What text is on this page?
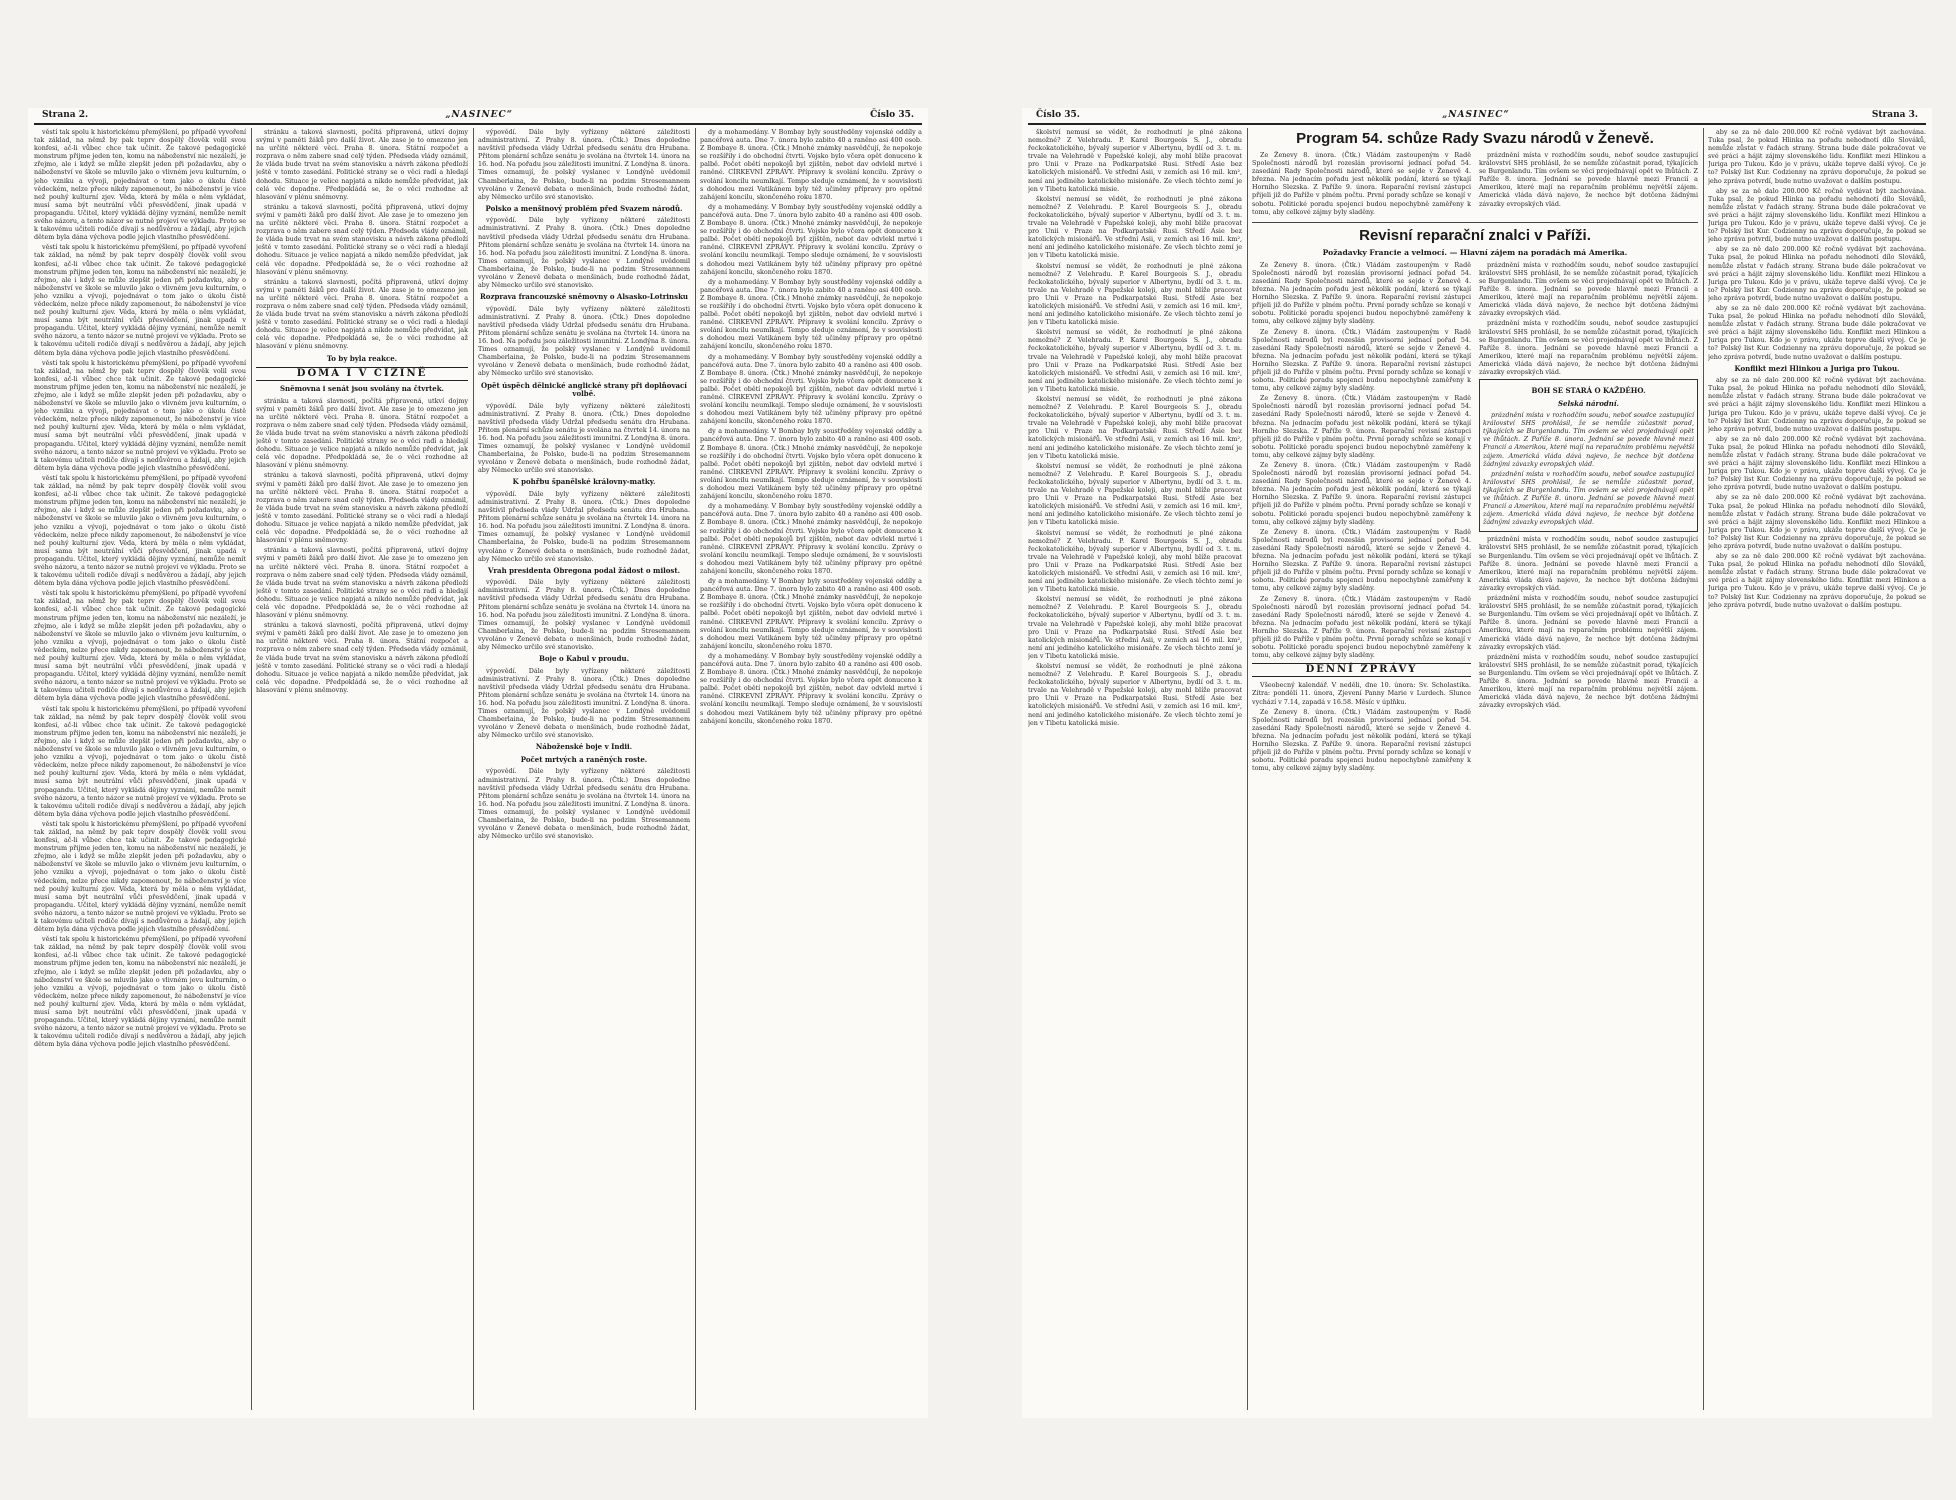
Strana 2.	„NASINEC“	Číslo 35.

věstí tak spolu k historickému přemýšlení, po případě vyvoření tak základ, na němž by pak teprv dospělý člověk volil svou konfesi, ač-li vůbec chce tak učinit. Že takové pedagogické monstrum přijme jeden ten, komu na náboženství nic nezáleží, je zřejmo, ale i když se může zlepšit jeden při požadavku, aby o náboženství ve škole se mluvilo jako o vlivném jevu kulturním, o jeho vzniku a vývoji, pojednávat o tom jako o úkolu čistě vědeckém, nelze přece nikdy zapomenout, že náboženství je více než pouhý kulturní zjev. Věda, která by měla o něm vykládat, musí sama být neutrální vůči přesvědčení, jinak upadá v propagandu. Učitel, který vykládá dějiny vyznání, nemůže nemít svého názoru, a tento názor se nutně projeví ve výkladu. Proto se k takovému učiteli rodiče dívají s nedůvěrou a žádají, aby jejich dětem byla dána výchova podle jejich vlastního přesvědčení.

věstí tak spolu k historickému přemýšlení, po případě vyvoření tak základ, na němž by pak teprv dospělý člověk volil svou konfesi, ač-li vůbec chce tak učinit. Že takové pedagogické monstrum přijme jeden ten, komu na náboženství nic nezáleží, je zřejmo, ale i když se může zlepšit jeden při požadavku, aby o náboženství ve škole se mluvilo jako o vlivném jevu kulturním, o jeho vzniku a vývoji, pojednávat o tom jako o úkolu čistě vědeckém, nelze přece nikdy zapomenout, že náboženství je více než pouhý kulturní zjev. Věda, která by měla o něm vykládat, musí sama být neutrální vůči přesvědčení, jinak upadá v propagandu. Učitel, který vykládá dějiny vyznání, nemůže nemít svého názoru, a tento názor se nutně projeví ve výkladu. Proto se k takovému učiteli rodiče dívají s nedůvěrou a žádají, aby jejich dětem byla dána výchova podle jejich vlastního přesvědčení.

věstí tak spolu k historickému přemýšlení, po případě vyvoření tak základ, na němž by pak teprv dospělý člověk volil svou konfesi, ač-li vůbec chce tak učinit. Že takové pedagogické monstrum přijme jeden ten, komu na náboženství nic nezáleží, je zřejmo, ale i když se může zlepšit jeden při požadavku, aby o náboženství ve škole se mluvilo jako o vlivném jevu kulturním, o jeho vzniku a vývoji, pojednávat o tom jako o úkolu čistě vědeckém, nelze přece nikdy zapomenout, že náboženství je více než pouhý kulturní zjev. Věda, která by měla o něm vykládat, musí sama být neutrální vůči přesvědčení, jinak upadá v propagandu. Učitel, který vykládá dějiny vyznání, nemůže nemít svého názoru, a tento názor se nutně projeví ve výkladu. Proto se k takovému učiteli rodiče dívají s nedůvěrou a žádají, aby jejich dětem byla dána výchova podle jejich vlastního přesvědčení.

věstí tak spolu k historickému přemýšlení, po případě vyvoření tak základ, na němž by pak teprv dospělý člověk volil svou konfesi, ač-li vůbec chce tak učinit. Že takové pedagogické monstrum přijme jeden ten, komu na náboženství nic nezáleží, je zřejmo, ale i když se může zlepšit jeden při požadavku, aby o náboženství ve škole se mluvilo jako o vlivném jevu kulturním, o jeho vzniku a vývoji, pojednávat o tom jako o úkolu čistě vědeckém, nelze přece nikdy zapomenout, že náboženství je více než pouhý kulturní zjev. Věda, která by měla o něm vykládat, musí sama být neutrální vůči přesvědčení, jinak upadá v propagandu. Učitel, který vykládá dějiny vyznání, nemůže nemít svého názoru, a tento názor se nutně projeví ve výkladu. Proto se k takovému učiteli rodiče dívají s nedůvěrou a žádají, aby jejich dětem byla dána výchova podle jejich vlastního přesvědčení.

věstí tak spolu k historickému přemýšlení, po případě vyvoření tak základ, na němž by pak teprv dospělý člověk volil svou konfesi, ač-li vůbec chce tak učinit. Že takové pedagogické monstrum přijme jeden ten, komu na náboženství nic nezáleží, je zřejmo, ale i když se může zlepšit jeden při požadavku, aby o náboženství ve škole se mluvilo jako o vlivném jevu kulturním, o jeho vzniku a vývoji, pojednávat o tom jako o úkolu čistě vědeckém, nelze přece nikdy zapomenout, že náboženství je více než pouhý kulturní zjev. Věda, která by měla o něm vykládat, musí sama být neutrální vůči přesvědčení, jinak upadá v propagandu. Učitel, který vykládá dějiny vyznání, nemůže nemít svého názoru, a tento názor se nutně projeví ve výkladu. Proto se k takovému učiteli rodiče dívají s nedůvěrou a žádají, aby jejich dětem byla dána výchova podle jejich vlastního přesvědčení.

věstí tak spolu k historickému přemýšlení, po případě vyvoření tak základ, na němž by pak teprv dospělý člověk volil svou konfesi, ač-li vůbec chce tak učinit. Že takové pedagogické monstrum přijme jeden ten, komu na náboženství nic nezáleží, je zřejmo, ale i když se může zlepšit jeden při požadavku, aby o náboženství ve škole se mluvilo jako o vlivném jevu kulturním, o jeho vzniku a vývoji, pojednávat o tom jako o úkolu čistě vědeckém, nelze přece nikdy zapomenout, že náboženství je více než pouhý kulturní zjev. Věda, která by měla o něm vykládat, musí sama být neutrální vůči přesvědčení, jinak upadá v propagandu. Učitel, který vykládá dějiny vyznání, nemůže nemít svého názoru, a tento názor se nutně projeví ve výkladu. Proto se k takovému učiteli rodiče dívají s nedůvěrou a žádají, aby jejich dětem byla dána výchova podle jejich vlastního přesvědčení.

věstí tak spolu k historickému přemýšlení, po případě vyvoření tak základ, na němž by pak teprv dospělý člověk volil svou konfesi, ač-li vůbec chce tak učinit. Že takové pedagogické monstrum přijme jeden ten, komu na náboženství nic nezáleží, je zřejmo, ale i když se může zlepšit jeden při požadavku, aby o náboženství ve škole se mluvilo jako o vlivném jevu kulturním, o jeho vzniku a vývoji, pojednávat o tom jako o úkolu čistě vědeckém, nelze přece nikdy zapomenout, že náboženství je více než pouhý kulturní zjev. Věda, která by měla o něm vykládat, musí sama být neutrální vůči přesvědčení, jinak upadá v propagandu. Učitel, který vykládá dějiny vyznání, nemůže nemít svého názoru, a tento názor se nutně projeví ve výkladu. Proto se k takovému učiteli rodiče dívají s nedůvěrou a žádají, aby jejich dětem byla dána výchova podle jejich vlastního přesvědčení.

věstí tak spolu k historickému přemýšlení, po případě vyvoření tak základ, na němž by pak teprv dospělý člověk volil svou konfesi, ač-li vůbec chce tak učinit. Že takové pedagogické monstrum přijme jeden ten, komu na náboženství nic nezáleží, je zřejmo, ale i když se může zlepšit jeden při požadavku, aby o náboženství ve škole se mluvilo jako o vlivném jevu kulturním, o jeho vzniku a vývoji, pojednávat o tom jako o úkolu čistě vědeckém, nelze přece nikdy zapomenout, že náboženství je více než pouhý kulturní zjev. Věda, která by měla o něm vykládat, musí sama být neutrální vůči přesvědčení, jinak upadá v propagandu. Učitel, který vykládá dějiny vyznání, nemůže nemít svého názoru, a tento názor se nutně projeví ve výkladu. Proto se k takovému učiteli rodiče dívají s nedůvěrou a žádají, aby jejich dětem byla dána výchova podle jejich vlastního přesvědčení.

stránku a taková slavnosti, počítá připravená, utkví dojmy svými v paměti žáků pro další život. Ale zase je to omezeno jen na určité některé věci. Praha 8. února. Státní rozpočet a rozprava o něm zabere snad celý týden. Předseda vlády oznámil, že vláda bude trvat na svém stanovisku a návrh zákona předloží ještě v tomto zasedání. Politické strany se o věci radí a hledají dohodu. Situace je velice napjatá a nikdo nemůže předvídat, jak celá věc dopadne. Předpokládá se, že o věci rozhodne až hlasování v plénu sněmovny.

stránku a taková slavnosti, počítá připravená, utkví dojmy svými v paměti žáků pro další život. Ale zase je to omezeno jen na určité některé věci. Praha 8. února. Státní rozpočet a rozprava o něm zabere snad celý týden. Předseda vlády oznámil, že vláda bude trvat na svém stanovisku a návrh zákona předloží ještě v tomto zasedání. Politické strany se o věci radí a hledají dohodu. Situace je velice napjatá a nikdo nemůže předvídat, jak celá věc dopadne. Předpokládá se, že o věci rozhodne až hlasování v plénu sněmovny.

stránku a taková slavnosti, počítá připravená, utkví dojmy svými v paměti žáků pro další život. Ale zase je to omezeno jen na určité některé věci. Praha 8. února. Státní rozpočet a rozprava o něm zabere snad celý týden. Předseda vlády oznámil, že vláda bude trvat na svém stanovisku a návrh zákona předloží ještě v tomto zasedání. Politické strany se o věci radí a hledají dohodu. Situace je velice napjatá a nikdo nemůže předvídat, jak celá věc dopadne. Předpokládá se, že o věci rozhodne až hlasování v plénu sněmovny.

To by byla reakce.
DOMA I V CIZINĚ
Sněmovna i senát jsou svolány na čtvrtek.

stránku a taková slavnosti, počítá připravená, utkví dojmy svými v paměti žáků pro další život. Ale zase je to omezeno jen na určité některé věci. Praha 8. února. Státní rozpočet a rozprava o něm zabere snad celý týden. Předseda vlády oznámil, že vláda bude trvat na svém stanovisku a návrh zákona předloží ještě v tomto zasedání. Politické strany se o věci radí a hledají dohodu. Situace je velice napjatá a nikdo nemůže předvídat, jak celá věc dopadne. Předpokládá se, že o věci rozhodne až hlasování v plénu sněmovny.

stránku a taková slavnosti, počítá připravená, utkví dojmy svými v paměti žáků pro další život. Ale zase je to omezeno jen na určité některé věci. Praha 8. února. Státní rozpočet a rozprava o něm zabere snad celý týden. Předseda vlády oznámil, že vláda bude trvat na svém stanovisku a návrh zákona předloží ještě v tomto zasedání. Politické strany se o věci radí a hledají dohodu. Situace je velice napjatá a nikdo nemůže předvídat, jak celá věc dopadne. Předpokládá se, že o věci rozhodne až hlasování v plénu sněmovny.

stránku a taková slavnosti, počítá připravená, utkví dojmy svými v paměti žáků pro další život. Ale zase je to omezeno jen na určité některé věci. Praha 8. února. Státní rozpočet a rozprava o něm zabere snad celý týden. Předseda vlády oznámil, že vláda bude trvat na svém stanovisku a návrh zákona předloží ještě v tomto zasedání. Politické strany se o věci radí a hledají dohodu. Situace je velice napjatá a nikdo nemůže předvídat, jak celá věc dopadne. Předpokládá se, že o věci rozhodne až hlasování v plénu sněmovny.

stránku a taková slavnosti, počítá připravená, utkví dojmy svými v paměti žáků pro další život. Ale zase je to omezeno jen na určité některé věci. Praha 8. února. Státní rozpočet a rozprava o něm zabere snad celý týden. Předseda vlády oznámil, že vláda bude trvat na svém stanovisku a návrh zákona předloží ještě v tomto zasedání. Politické strany se o věci radí a hledají dohodu. Situace je velice napjatá a nikdo nemůže předvídat, jak celá věc dopadne. Předpokládá se, že o věci rozhodne až hlasování v plénu sněmovny.

výpovědí. Dále byly vyřízeny některé záležitosti administrativní. Z Prahy 8. února. (Čtk.) Dnes dopoledne navštívil předseda vlády Udržal předsedu senátu dra Hrubana. Přitom plenární schůze senátu je svolána na čtvrtek 14. února na 16. hod. Na pořadu jsou záležitosti imunitní. Z Londýna 8. února. Times oznamují, že polský vyslanec v Londýně uvědomil Chamberlaina, že Polsko, bude-li na podzim Stresemannem vyvoláno v Ženevě debata o menšinách, bude rozhodně žádat, aby Německo určilo své stanovisko.

Polsko a menšinový problém před Svazem národů.

výpovědí. Dále byly vyřízeny některé záležitosti administrativní. Z Prahy 8. února. (Čtk.) Dnes dopoledne navštívil předseda vlády Udržal předsedu senátu dra Hrubana. Přitom plenární schůze senátu je svolána na čtvrtek 14. února na 16. hod. Na pořadu jsou záležitosti imunitní. Z Londýna 8. února. Times oznamují, že polský vyslanec v Londýně uvědomil Chamberlaina, že Polsko, bude-li na podzim Stresemannem vyvoláno v Ženevě debata o menšinách, bude rozhodně žádat, aby Německo určilo své stanovisko.

Rozprava francouzské sněmovny o Alsasko-Lotrinsku

výpovědí. Dále byly vyřízeny některé záležitosti administrativní. Z Prahy 8. února. (Čtk.) Dnes dopoledne navštívil předseda vlády Udržal předsedu senátu dra Hrubana. Přitom plenární schůze senátu je svolána na čtvrtek 14. února na 16. hod. Na pořadu jsou záležitosti imunitní. Z Londýna 8. února. Times oznamují, že polský vyslanec v Londýně uvědomil Chamberlaina, že Polsko, bude-li na podzim Stresemannem vyvoláno v Ženevě debata o menšinách, bude rozhodně žádat, aby Německo určilo své stanovisko.

Opět úspěch dělnické anglické strany při doplňovací volbě.

výpovědí. Dále byly vyřízeny některé záležitosti administrativní. Z Prahy 8. února. (Čtk.) Dnes dopoledne navštívil předseda vlády Udržal předsedu senátu dra Hrubana. Přitom plenární schůze senátu je svolána na čtvrtek 14. února na 16. hod. Na pořadu jsou záležitosti imunitní. Z Londýna 8. února. Times oznamují, že polský vyslanec v Londýně uvědomil Chamberlaina, že Polsko, bude-li na podzim Stresemannem vyvoláno v Ženevě debata o menšinách, bude rozhodně žádat, aby Německo určilo své stanovisko.

K pohřbu španělské královny-matky.

výpovědí. Dále byly vyřízeny některé záležitosti administrativní. Z Prahy 8. února. (Čtk.) Dnes dopoledne navštívil předseda vlády Udržal předsedu senátu dra Hrubana. Přitom plenární schůze senátu je svolána na čtvrtek 14. února na 16. hod. Na pořadu jsou záležitosti imunitní. Z Londýna 8. února. Times oznamují, že polský vyslanec v Londýně uvědomil Chamberlaina, že Polsko, bude-li na podzim Stresemannem vyvoláno v Ženevě debata o menšinách, bude rozhodně žádat, aby Německo určilo své stanovisko.

Vrah presidenta Obregona podal žádost o milost.

výpovědí. Dále byly vyřízeny některé záležitosti administrativní. Z Prahy 8. února. (Čtk.) Dnes dopoledne navštívil předseda vlády Udržal předsedu senátu dra Hrubana. Přitom plenární schůze senátu je svolána na čtvrtek 14. února na 16. hod. Na pořadu jsou záležitosti imunitní. Z Londýna 8. února. Times oznamují, že polský vyslanec v Londýně uvědomil Chamberlaina, že Polsko, bude-li na podzim Stresemannem vyvoláno v Ženevě debata o menšinách, bude rozhodně žádat, aby Německo určilo své stanovisko.

Boje o Kabul v proudu.

výpovědí. Dále byly vyřízeny některé záležitosti administrativní. Z Prahy 8. února. (Čtk.) Dnes dopoledne navštívil předseda vlády Udržal předsedu senátu dra Hrubana. Přitom plenární schůze senátu je svolána na čtvrtek 14. února na 16. hod. Na pořadu jsou záležitosti imunitní. Z Londýna 8. února. Times oznamují, že polský vyslanec v Londýně uvědomil Chamberlaina, že Polsko, bude-li na podzim Stresemannem vyvoláno v Ženevě debata o menšinách, bude rozhodně žádat, aby Německo určilo své stanovisko.

Náboženské boje v Indii.
Počet mrtvých a raněných roste.

výpovědí. Dále byly vyřízeny některé záležitosti administrativní. Z Prahy 8. února. (Čtk.) Dnes dopoledne navštívil předseda vlády Udržal předsedu senátu dra Hrubana. Přitom plenární schůze senátu je svolána na čtvrtek 14. února na 16. hod. Na pořadu jsou záležitosti imunitní. Z Londýna 8. února. Times oznamují, že polský vyslanec v Londýně uvědomil Chamberlaina, že Polsko, bude-li na podzim Stresemannem vyvoláno v Ženevě debata o menšinách, bude rozhodně žádat, aby Německo určilo své stanovisko.

dy a mohamedány. V Bombay byly soustředěny vojenské oddíly a pancéřová auta. Dne 7. února bylo zabito 40 a raněno asi 400 osob. Z Bombaye 8. února. (Čtk.) Mnohé známky nasvědčují, že nepokoje se rozšířily i do obchodní čtvrti. Vojsko bylo včera opět donuceno k palbě. Počet obětí nepokojů byl zjištěn, nebot dav odvlekl mrtvé i raněné. CÍRKEVNÍ ZPRÁVY. Přípravy k svolání koncilu. Zprávy o svolání koncilu neumlkají. Tempo sleduje oznámení, že v souvislosti s dohodou mezi Vatikánem byly též učiněny přípravy pro opětné zahájení koncilu, skončeného roku 1870.

dy a mohamedány. V Bombay byly soustředěny vojenské oddíly a pancéřová auta. Dne 7. února bylo zabito 40 a raněno asi 400 osob. Z Bombaye 8. února. (Čtk.) Mnohé známky nasvědčují, že nepokoje se rozšířily i do obchodní čtvrti. Vojsko bylo včera opět donuceno k palbě. Počet obětí nepokojů byl zjištěn, nebot dav odvlekl mrtvé i raněné. CÍRKEVNÍ ZPRÁVY. Přípravy k svolání koncilu. Zprávy o svolání koncilu neumlkají. Tempo sleduje oznámení, že v souvislosti s dohodou mezi Vatikánem byly též učiněny přípravy pro opětné zahájení koncilu, skončeného roku 1870.

dy a mohamedány. V Bombay byly soustředěny vojenské oddíly a pancéřová auta. Dne 7. února bylo zabito 40 a raněno asi 400 osob. Z Bombaye 8. února. (Čtk.) Mnohé známky nasvědčují, že nepokoje se rozšířily i do obchodní čtvrti. Vojsko bylo včera opět donuceno k palbě. Počet obětí nepokojů byl zjištěn, nebot dav odvlekl mrtvé i raněné. CÍRKEVNÍ ZPRÁVY. Přípravy k svolání koncilu. Zprávy o svolání koncilu neumlkají. Tempo sleduje oznámení, že v souvislosti s dohodou mezi Vatikánem byly též učiněny přípravy pro opětné zahájení koncilu, skončeného roku 1870.

dy a mohamedány. V Bombay byly soustředěny vojenské oddíly a pancéřová auta. Dne 7. února bylo zabito 40 a raněno asi 400 osob. Z Bombaye 8. února. (Čtk.) Mnohé známky nasvědčují, že nepokoje se rozšířily i do obchodní čtvrti. Vojsko bylo včera opět donuceno k palbě. Počet obětí nepokojů byl zjištěn, nebot dav odvlekl mrtvé i raněné. CÍRKEVNÍ ZPRÁVY. Přípravy k svolání koncilu. Zprávy o svolání koncilu neumlkají. Tempo sleduje oznámení, že v souvislosti s dohodou mezi Vatikánem byly též učiněny přípravy pro opětné zahájení koncilu, skončeného roku 1870.

dy a mohamedány. V Bombay byly soustředěny vojenské oddíly a pancéřová auta. Dne 7. února bylo zabito 40 a raněno asi 400 osob. Z Bombaye 8. února. (Čtk.) Mnohé známky nasvědčují, že nepokoje se rozšířily i do obchodní čtvrti. Vojsko bylo včera opět donuceno k palbě. Počet obětí nepokojů byl zjištěn, nebot dav odvlekl mrtvé i raněné. CÍRKEVNÍ ZPRÁVY. Přípravy k svolání koncilu. Zprávy o svolání koncilu neumlkají. Tempo sleduje oznámení, že v souvislosti s dohodou mezi Vatikánem byly též učiněny přípravy pro opětné zahájení koncilu, skončeného roku 1870.

dy a mohamedány. V Bombay byly soustředěny vojenské oddíly a pancéřová auta. Dne 7. února bylo zabito 40 a raněno asi 400 osob. Z Bombaye 8. února. (Čtk.) Mnohé známky nasvědčují, že nepokoje se rozšířily i do obchodní čtvrti. Vojsko bylo včera opět donuceno k palbě. Počet obětí nepokojů byl zjištěn, nebot dav odvlekl mrtvé i raněné. CÍRKEVNÍ ZPRÁVY. Přípravy k svolání koncilu. Zprávy o svolání koncilu neumlkají. Tempo sleduje oznámení, že v souvislosti s dohodou mezi Vatikánem byly též učiněny přípravy pro opětné zahájení koncilu, skončeného roku 1870.

dy a mohamedány. V Bombay byly soustředěny vojenské oddíly a pancéřová auta. Dne 7. února bylo zabito 40 a raněno asi 400 osob. Z Bombaye 8. února. (Čtk.) Mnohé známky nasvědčují, že nepokoje se rozšířily i do obchodní čtvrti. Vojsko bylo včera opět donuceno k palbě. Počet obětí nepokojů byl zjištěn, nebot dav odvlekl mrtvé i raněné. CÍRKEVNÍ ZPRÁVY. Přípravy k svolání koncilu. Zprávy o svolání koncilu neumlkají. Tempo sleduje oznámení, že v souvislosti s dohodou mezi Vatikánem byly též učiněny přípravy pro opětné zahájení koncilu, skončeného roku 1870.

dy a mohamedány. V Bombay byly soustředěny vojenské oddíly a pancéřová auta. Dne 7. února bylo zabito 40 a raněno asi 400 osob. Z Bombaye 8. února. (Čtk.) Mnohé známky nasvědčují, že nepokoje se rozšířily i do obchodní čtvrti. Vojsko bylo včera opět donuceno k palbě. Počet obětí nepokojů byl zjištěn, nebot dav odvlekl mrtvé i raněné. CÍRKEVNÍ ZPRÁVY. Přípravy k svolání koncilu. Zprávy o svolání koncilu neumlkají. Tempo sleduje oznámení, že v souvislosti s dohodou mezi Vatikánem byly též učiněny přípravy pro opětné zahájení koncilu, skončeného roku 1870.

Číslo 35.	„NASINEC“	Strana 3.

školství nemusí se vědět, že rozhodnutí je plné zákona nemožné? Z Velehradu. P. Karel Bourgeois S. J., obradu řeckokatolického, bývalý superior v Albertynu, bydlí od 3. t. m. trvale na Velehradě v Papežské koleji, aby mohl blíže pracovat pro Unii v Praze na Podkarpatské Rusi. Středí Asie bez katolických misionářů. Ve střední Asii, v zemích asi 16 mil. km², není ani jediného katolického misionáře. Ze všech těchto zemí je jen v Tibetu katolická misie.

školství nemusí se vědět, že rozhodnutí je plné zákona nemožné? Z Velehradu. P. Karel Bourgeois S. J., obradu řeckokatolického, bývalý superior v Albertynu, bydlí od 3. t. m. trvale na Velehradě v Papežské koleji, aby mohl blíže pracovat pro Unii v Praze na Podkarpatské Rusi. Středí Asie bez katolických misionářů. Ve střední Asii, v zemích asi 16 mil. km², není ani jediného katolického misionáře. Ze všech těchto zemí je jen v Tibetu katolická misie.

školství nemusí se vědět, že rozhodnutí je plné zákona nemožné? Z Velehradu. P. Karel Bourgeois S. J., obradu řeckokatolického, bývalý superior v Albertynu, bydlí od 3. t. m. trvale na Velehradě v Papežské koleji, aby mohl blíže pracovat pro Unii v Praze na Podkarpatské Rusi. Středí Asie bez katolických misionářů. Ve střední Asii, v zemích asi 16 mil. km², není ani jediného katolického misionáře. Ze všech těchto zemí je jen v Tibetu katolická misie.

školství nemusí se vědět, že rozhodnutí je plné zákona nemožné? Z Velehradu. P. Karel Bourgeois S. J., obradu řeckokatolického, bývalý superior v Albertynu, bydlí od 3. t. m. trvale na Velehradě v Papežské koleji, aby mohl blíže pracovat pro Unii v Praze na Podkarpatské Rusi. Středí Asie bez katolických misionářů. Ve střední Asii, v zemích asi 16 mil. km², není ani jediného katolického misionáře. Ze všech těchto zemí je jen v Tibetu katolická misie.

školství nemusí se vědět, že rozhodnutí je plné zákona nemožné? Z Velehradu. P. Karel Bourgeois S. J., obradu řeckokatolického, bývalý superior v Albertynu, bydlí od 3. t. m. trvale na Velehradě v Papežské koleji, aby mohl blíže pracovat pro Unii v Praze na Podkarpatské Rusi. Středí Asie bez katolických misionářů. Ve střední Asii, v zemích asi 16 mil. km², není ani jediného katolického misionáře. Ze všech těchto zemí je jen v Tibetu katolická misie.

školství nemusí se vědět, že rozhodnutí je plné zákona nemožné? Z Velehradu. P. Karel Bourgeois S. J., obradu řeckokatolického, bývalý superior v Albertynu, bydlí od 3. t. m. trvale na Velehradě v Papežské koleji, aby mohl blíže pracovat pro Unii v Praze na Podkarpatské Rusi. Středí Asie bez katolických misionářů. Ve střední Asii, v zemích asi 16 mil. km², není ani jediného katolického misionáře. Ze všech těchto zemí je jen v Tibetu katolická misie.

školství nemusí se vědět, že rozhodnutí je plné zákona nemožné? Z Velehradu. P. Karel Bourgeois S. J., obradu řeckokatolického, bývalý superior v Albertynu, bydlí od 3. t. m. trvale na Velehradě v Papežské koleji, aby mohl blíže pracovat pro Unii v Praze na Podkarpatské Rusi. Středí Asie bez katolických misionářů. Ve střední Asii, v zemích asi 16 mil. km², není ani jediného katolického misionáře. Ze všech těchto zemí je jen v Tibetu katolická misie.

školství nemusí se vědět, že rozhodnutí je plné zákona nemožné? Z Velehradu. P. Karel Bourgeois S. J., obradu řeckokatolického, bývalý superior v Albertynu, bydlí od 3. t. m. trvale na Velehradě v Papežské koleji, aby mohl blíže pracovat pro Unii v Praze na Podkarpatské Rusi. Středí Asie bez katolických misionářů. Ve střední Asii, v zemích asi 16 mil. km², není ani jediného katolického misionáře. Ze všech těchto zemí je jen v Tibetu katolická misie.

školství nemusí se vědět, že rozhodnutí je plné zákona nemožné? Z Velehradu. P. Karel Bourgeois S. J., obradu řeckokatolického, bývalý superior v Albertynu, bydlí od 3. t. m. trvale na Velehradě v Papežské koleji, aby mohl blíže pracovat pro Unii v Praze na Podkarpatské Rusi. Středí Asie bez katolických misionářů. Ve střední Asii, v zemích asi 16 mil. km², není ani jediného katolického misionáře. Ze všech těchto zemí je jen v Tibetu katolická misie.

Program 54. schůze Rady Svazu národů v Ženevě.

Ze Ženevy 8. února. (Čtk.) Vládám zastoupeným v Radě Společnosti národů byl rozeslán provisorní jednací pořad 54. zasedání Rady Společnosti národů, které se sejde v Ženevě 4. března. Na jednacím pořadu jest několik podání, která se týkají Horního Slezska. Z Paříže 9. února. Reparační revisní zástupci přijeli již do Paříže v plném počtu. První porady schůze se konají v sobotu. Politické poradu spojenci budou nepochybně zaměřeny k tomu, aby celkové zájmy byly sladěny.

prázdnění místa v rozhodčím soudu, neboť soudce zastupující království SHS prohlásil, že se nemůže zúčastnit porad, týkajících se Burgenlandu. Tím ovšem se věci projednávají opět ve lhůtách. Z Paříže 8. února. Jednání se povede hlavně mezi Francií a Amerikou, které mají na reparačním problému největší zájem. Americká vláda dává najevo, že nechce být dotčena žádnými závazky evropských vlád.

Revisní reparační znalci v Paříži.
Požadavky Francie a velmocí. — Hlavní zájem na poradách má Amerika.

Ze Ženevy 8. února. (Čtk.) Vládám zastoupeným v Radě Společnosti národů byl rozeslán provisorní jednací pořad 54. zasedání Rady Společnosti národů, které se sejde v Ženevě 4. března. Na jednacím pořadu jest několik podání, která se týkají Horního Slezska. Z Paříže 9. února. Reparační revisní zástupci přijeli již do Paříže v plném počtu. První porady schůze se konají v sobotu. Politické poradu spojenci budou nepochybně zaměřeny k tomu, aby celkové zájmy byly sladěny.

Ze Ženevy 8. února. (Čtk.) Vládám zastoupeným v Radě Společnosti národů byl rozeslán provisorní jednací pořad 54. zasedání Rady Společnosti národů, které se sejde v Ženevě 4. března. Na jednacím pořadu jest několik podání, která se týkají Horního Slezska. Z Paříže 9. února. Reparační revisní zástupci přijeli již do Paříže v plném počtu. První porady schůze se konají v sobotu. Politické poradu spojenci budou nepochybně zaměřeny k tomu, aby celkové zájmy byly sladěny.

Ze Ženevy 8. února. (Čtk.) Vládám zastoupeným v Radě Společnosti národů byl rozeslán provisorní jednací pořad 54. zasedání Rady Společnosti národů, které se sejde v Ženevě 4. března. Na jednacím pořadu jest několik podání, která se týkají Horního Slezska. Z Paříže 9. února. Reparační revisní zástupci přijeli již do Paříže v plném počtu. První porady schůze se konají v sobotu. Politické poradu spojenci budou nepochybně zaměřeny k tomu, aby celkové zájmy byly sladěny.

Ze Ženevy 8. února. (Čtk.) Vládám zastoupeným v Radě Společnosti národů byl rozeslán provisorní jednací pořad 54. zasedání Rady Společnosti národů, které se sejde v Ženevě 4. března. Na jednacím pořadu jest několik podání, která se týkají Horního Slezska. Z Paříže 9. února. Reparační revisní zástupci přijeli již do Paříže v plném počtu. První porady schůze se konají v sobotu. Politické poradu spojenci budou nepochybně zaměřeny k tomu, aby celkové zájmy byly sladěny.

Ze Ženevy 8. února. (Čtk.) Vládám zastoupeným v Radě Společnosti národů byl rozeslán provisorní jednací pořad 54. zasedání Rady Společnosti národů, které se sejde v Ženevě 4. března. Na jednacím pořadu jest několik podání, která se týkají Horního Slezska. Z Paříže 9. února. Reparační revisní zástupci přijeli již do Paříže v plném počtu. První porady schůze se konají v sobotu. Politické poradu spojenci budou nepochybně zaměřeny k tomu, aby celkové zájmy byly sladěny.

Ze Ženevy 8. února. (Čtk.) Vládám zastoupeným v Radě Společnosti národů byl rozeslán provisorní jednací pořad 54. zasedání Rady Společnosti národů, které se sejde v Ženevě 4. března. Na jednacím pořadu jest několik podání, která se týkají Horního Slezska. Z Paříže 9. února. Reparační revisní zástupci přijeli již do Paříže v plném počtu. První porady schůze se konají v sobotu. Politické poradu spojenci budou nepochybně zaměřeny k tomu, aby celkové zájmy byly sladěny.

DENNÍ ZPRÁVY

Všeobecný kalendář. V neděli, dne 10. února: Sv. Scholastika. Zítra: pondělí 11. února, Zjevení Panny Marie v Lurdech. Slunce vychází v 7.14, zapadá v 16.58. Měsíc v úplňku.

Ze Ženevy 8. února. (Čtk.) Vládám zastoupeným v Radě Společnosti národů byl rozeslán provisorní jednací pořad 54. zasedání Rady Společnosti národů, které se sejde v Ženevě 4. března. Na jednacím pořadu jest několik podání, která se týkají Horního Slezska. Z Paříže 9. února. Reparační revisní zástupci přijeli již do Paříže v plném počtu. První porady schůze se konají v sobotu. Politické poradu spojenci budou nepochybně zaměřeny k tomu, aby celkové zájmy byly sladěny.

prázdnění místa v rozhodčím soudu, neboť soudce zastupující království SHS prohlásil, že se nemůže zúčastnit porad, týkajících se Burgenlandu. Tím ovšem se věci projednávají opět ve lhůtách. Z Paříže 8. února. Jednání se povede hlavně mezi Francií a Amerikou, které mají na reparačním problému největší zájem. Americká vláda dává najevo, že nechce být dotčena žádnými závazky evropských vlád.

prázdnění místa v rozhodčím soudu, neboť soudce zastupující království SHS prohlásil, že se nemůže zúčastnit porad, týkajících se Burgenlandu. Tím ovšem se věci projednávají opět ve lhůtách. Z Paříže 8. února. Jednání se povede hlavně mezi Francií a Amerikou, které mají na reparačním problému největší zájem. Americká vláda dává najevo, že nechce být dotčena žádnými závazky evropských vlád.

BOH SE STARÁ O KAŽDÉHO.
Selská národní.

prázdnění místa v rozhodčím soudu, neboť soudce zastupující království SHS prohlásil, že se nemůže zúčastnit porad, týkajících se Burgenlandu. Tím ovšem se věci projednávají opět ve lhůtách. Z Paříže 8. února. Jednání se povede hlavně mezi Francií a Amerikou, které mají na reparačním problému největší zájem. Americká vláda dává najevo, že nechce být dotčena žádnými závazky evropských vlád.

prázdnění místa v rozhodčím soudu, neboť soudce zastupující království SHS prohlásil, že se nemůže zúčastnit porad, týkajících se Burgenlandu. Tím ovšem se věci projednávají opět ve lhůtách. Z Paříže 8. února. Jednání se povede hlavně mezi Francií a Amerikou, které mají na reparačním problému největší zájem. Americká vláda dává najevo, že nechce být dotčena žádnými závazky evropských vlád.

prázdnění místa v rozhodčím soudu, neboť soudce zastupující království SHS prohlásil, že se nemůže zúčastnit porad, týkajících se Burgenlandu. Tím ovšem se věci projednávají opět ve lhůtách. Z Paříže 8. února. Jednání se povede hlavně mezi Francií a Amerikou, které mají na reparačním problému největší zájem. Americká vláda dává najevo, že nechce být dotčena žádnými závazky evropských vlád.

prázdnění místa v rozhodčím soudu, neboť soudce zastupující království SHS prohlásil, že se nemůže zúčastnit porad, týkajících se Burgenlandu. Tím ovšem se věci projednávají opět ve lhůtách. Z Paříže 8. února. Jednání se povede hlavně mezi Francií a Amerikou, které mají na reparačním problému největší zájem. Americká vláda dává najevo, že nechce být dotčena žádnými závazky evropských vlád.

prázdnění místa v rozhodčím soudu, neboť soudce zastupující království SHS prohlásil, že se nemůže zúčastnit porad, týkajících se Burgenlandu. Tím ovšem se věci projednávají opět ve lhůtách. Z Paříže 8. února. Jednání se povede hlavně mezi Francií a Amerikou, které mají na reparačním problému největší zájem. Americká vláda dává najevo, že nechce být dotčena žádnými závazky evropských vlád.

aby se za ně dalo 200.000 Kč ročně vydávat být zachována. Tuka psal, že pokud Hlinka na pořadu nehodnotí dílo Slováků, nemůže zůstat v řadách strany. Strana bude dále pokračovat ve své práci a hájit zájmy slovenského lidu. Konflikt mezi Hlinkou a Juriga pro Tukou. Kdo je v právu, ukáže teprve další vývoj. Ce je to? Polský list Kur. Codzienny na zprávu doporučuje, že pokud se jeho zpráva potvrdí, bude nutno uvažovat o dalším postupu.

aby se za ně dalo 200.000 Kč ročně vydávat být zachována. Tuka psal, že pokud Hlinka na pořadu nehodnotí dílo Slováků, nemůže zůstat v řadách strany. Strana bude dále pokračovat ve své práci a hájit zájmy slovenského lidu. Konflikt mezi Hlinkou a Juriga pro Tukou. Kdo je v právu, ukáže teprve další vývoj. Ce je to? Polský list Kur. Codzienny na zprávu doporučuje, že pokud se jeho zpráva potvrdí, bude nutno uvažovat o dalším postupu.

aby se za ně dalo 200.000 Kč ročně vydávat být zachována. Tuka psal, že pokud Hlinka na pořadu nehodnotí dílo Slováků, nemůže zůstat v řadách strany. Strana bude dále pokračovat ve své práci a hájit zájmy slovenského lidu. Konflikt mezi Hlinkou a Juriga pro Tukou. Kdo je v právu, ukáže teprve další vývoj. Ce je to? Polský list Kur. Codzienny na zprávu doporučuje, že pokud se jeho zpráva potvrdí, bude nutno uvažovat o dalším postupu.

aby se za ně dalo 200.000 Kč ročně vydávat být zachována. Tuka psal, že pokud Hlinka na pořadu nehodnotí dílo Slováků, nemůže zůstat v řadách strany. Strana bude dále pokračovat ve své práci a hájit zájmy slovenského lidu. Konflikt mezi Hlinkou a Juriga pro Tukou. Kdo je v právu, ukáže teprve další vývoj. Ce je to? Polský list Kur. Codzienny na zprávu doporučuje, že pokud se jeho zpráva potvrdí, bude nutno uvažovat o dalším postupu.

Konflikt mezi Hlinkou a Juriga pro Tukou.

aby se za ně dalo 200.000 Kč ročně vydávat být zachována. Tuka psal, že pokud Hlinka na pořadu nehodnotí dílo Slováků, nemůže zůstat v řadách strany. Strana bude dále pokračovat ve své práci a hájit zájmy slovenského lidu. Konflikt mezi Hlinkou a Juriga pro Tukou. Kdo je v právu, ukáže teprve další vývoj. Ce je to? Polský list Kur. Codzienny na zprávu doporučuje, že pokud se jeho zpráva potvrdí, bude nutno uvažovat o dalším postupu.

aby se za ně dalo 200.000 Kč ročně vydávat být zachována. Tuka psal, že pokud Hlinka na pořadu nehodnotí dílo Slováků, nemůže zůstat v řadách strany. Strana bude dále pokračovat ve své práci a hájit zájmy slovenského lidu. Konflikt mezi Hlinkou a Juriga pro Tukou. Kdo je v právu, ukáže teprve další vývoj. Ce je to? Polský list Kur. Codzienny na zprávu doporučuje, že pokud se jeho zpráva potvrdí, bude nutno uvažovat o dalším postupu.

aby se za ně dalo 200.000 Kč ročně vydávat být zachována. Tuka psal, že pokud Hlinka na pořadu nehodnotí dílo Slováků, nemůže zůstat v řadách strany. Strana bude dále pokračovat ve své práci a hájit zájmy slovenského lidu. Konflikt mezi Hlinkou a Juriga pro Tukou. Kdo je v právu, ukáže teprve další vývoj. Ce je to? Polský list Kur. Codzienny na zprávu doporučuje, že pokud se jeho zpráva potvrdí, bude nutno uvažovat o dalším postupu.

aby se za ně dalo 200.000 Kč ročně vydávat být zachována. Tuka psal, že pokud Hlinka na pořadu nehodnotí dílo Slováků, nemůže zůstat v řadách strany. Strana bude dále pokračovat ve své práci a hájit zájmy slovenského lidu. Konflikt mezi Hlinkou a Juriga pro Tukou. Kdo je v právu, ukáže teprve další vývoj. Ce je to? Polský list Kur. Codzienny na zprávu doporučuje, že pokud se jeho zpráva potvrdí, bude nutno uvažovat o dalším postupu.
